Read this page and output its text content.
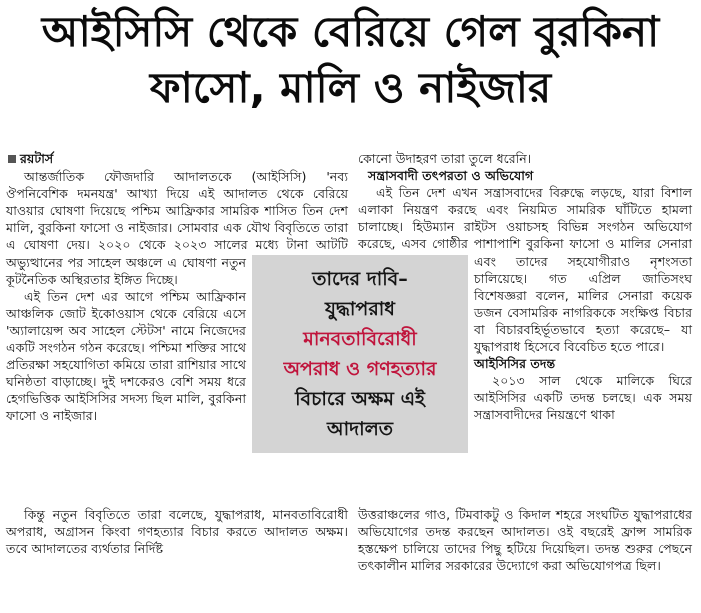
আইসিসি থেকে বেরিয়ে গেল বুরকিনা
ফাসো, মালি ও নাইজার
রয়টার্স

আন্তর্জাতিক ফৌজদারি আদালতকে (আইসিসি) 'নব্য ঔপনিবেশিক দমনযন্ত্র' আখ্যা দিয়ে এই আদালত থেকে বেরিয়ে যাওয়ার ঘোষণা দিয়েছে পশ্চিম আফ্রিকার সামরিক শাসিত তিন দেশ মালি, বুরকিনা ফাসো ও নাইজার। সোমবার এক যৌথ বিবৃতিতে তারা এ ঘোষণা দেয়। ২০২০ থেকে ২০২৩ সালের মধ্যে টানা আটটি অভ্যুত্থানের পর সাহেল অঞ্চলে এ ঘোষণা নতুন কূটনৈতিক অস্থিরতার ইঙ্গিত দিচ্ছে।

এই তিন দেশ এর আগে পশ্চিম আফ্রিকান আঞ্চলিক জোট ইকোওয়াস থেকে বেরিয়ে এসে 'অ্যালায়েন্স অব সাহেল স্টেটস' নামে নিজেদের একটি সংগঠন গঠন করেছে। পশ্চিমা শক্তির সাথে প্রতিরক্ষা সহযোগিতা কমিয়ে তারা রাশিয়ার সাথে ঘনিষ্ঠতা বাড়াচ্ছে। দুই দশকেরও বেশি সময় ধরে হেগভিত্তিক আইসিসির সদস্য ছিল মালি, বুরকিনা ফাসো ও নাইজার।

কোনো উদাহরণ তারা তুলে ধরেনি।

সন্ত্রাসবাদী তৎপরতা ও অভিযোগ

এই তিন দেশ এখন সন্ত্রাসবাদের বিরুদ্ধে লড়ছে, যারা বিশাল এলাকা নিয়ন্ত্রণ করছে এবং নিয়মিত সামরিক ঘাঁটিতে হামলা চালাচ্ছে। হিউম্যান রাইটস ওয়াচসহ বিভিন্ন সংগঠন অভিযোগ করেছে, এসব গোষ্ঠীর পাশাপাশি বুরকিনা ফাসো ও মালির সেনারা এবং তাদের সহযোগীরাও নৃশংসতা চালিয়েছে। গত এপ্রিল জাতিসংঘ বিশেষজ্ঞরা বলেন, মালির সেনারা কয়েক ডজন বেসামরিক নাগরিককে সংক্ষিপ্ত বিচার বা বিচারবহির্ভূতভাবে হত্যা করেছে– যা যুদ্ধাপরাধ হিসেবে বিবেচিত হতে পারে।

আইসিসির তদন্ত

২০১৩ সাল থেকে মালিকে ঘিরে আইসিসির একটি তদন্ত চলছে। এক সময় সন্ত্রাসবাদীদের নিয়ন্ত্রণে থাকা

কিন্তু নতুন বিবৃতিতে তারা বলেছে, যুদ্ধাপরাধ, মানবতাবিরোধী অপরাধ, অগ্রাসন কিংবা গণহত্যার বিচার করতে আদালত অক্ষম। তবে আদালতের ব্যর্থতার নির্দিষ্ট

উত্তরাঞ্চলের গাও, টিমবাকটু ও কিদাল শহরে সংঘটিত যুদ্ধাপরাধের অভিযোগের তদন্ত করছেন আদালত। ওই বছরেই ফ্রান্স সামরিক হস্তক্ষেপ চালিয়ে তাদের পিছু হটিয়ে দিয়েছিল। তদন্ত শুরুর পেছনে তৎকালীন মালির সরকারের উদ্যোগে করা অভিযোগপত্র ছিল।

তাদের দাবি–
যুদ্ধাপরাধ
মানবতাবিরোধী
অপরাধ ও গণহত্যার
বিচারে অক্ষম এই
আদালত
